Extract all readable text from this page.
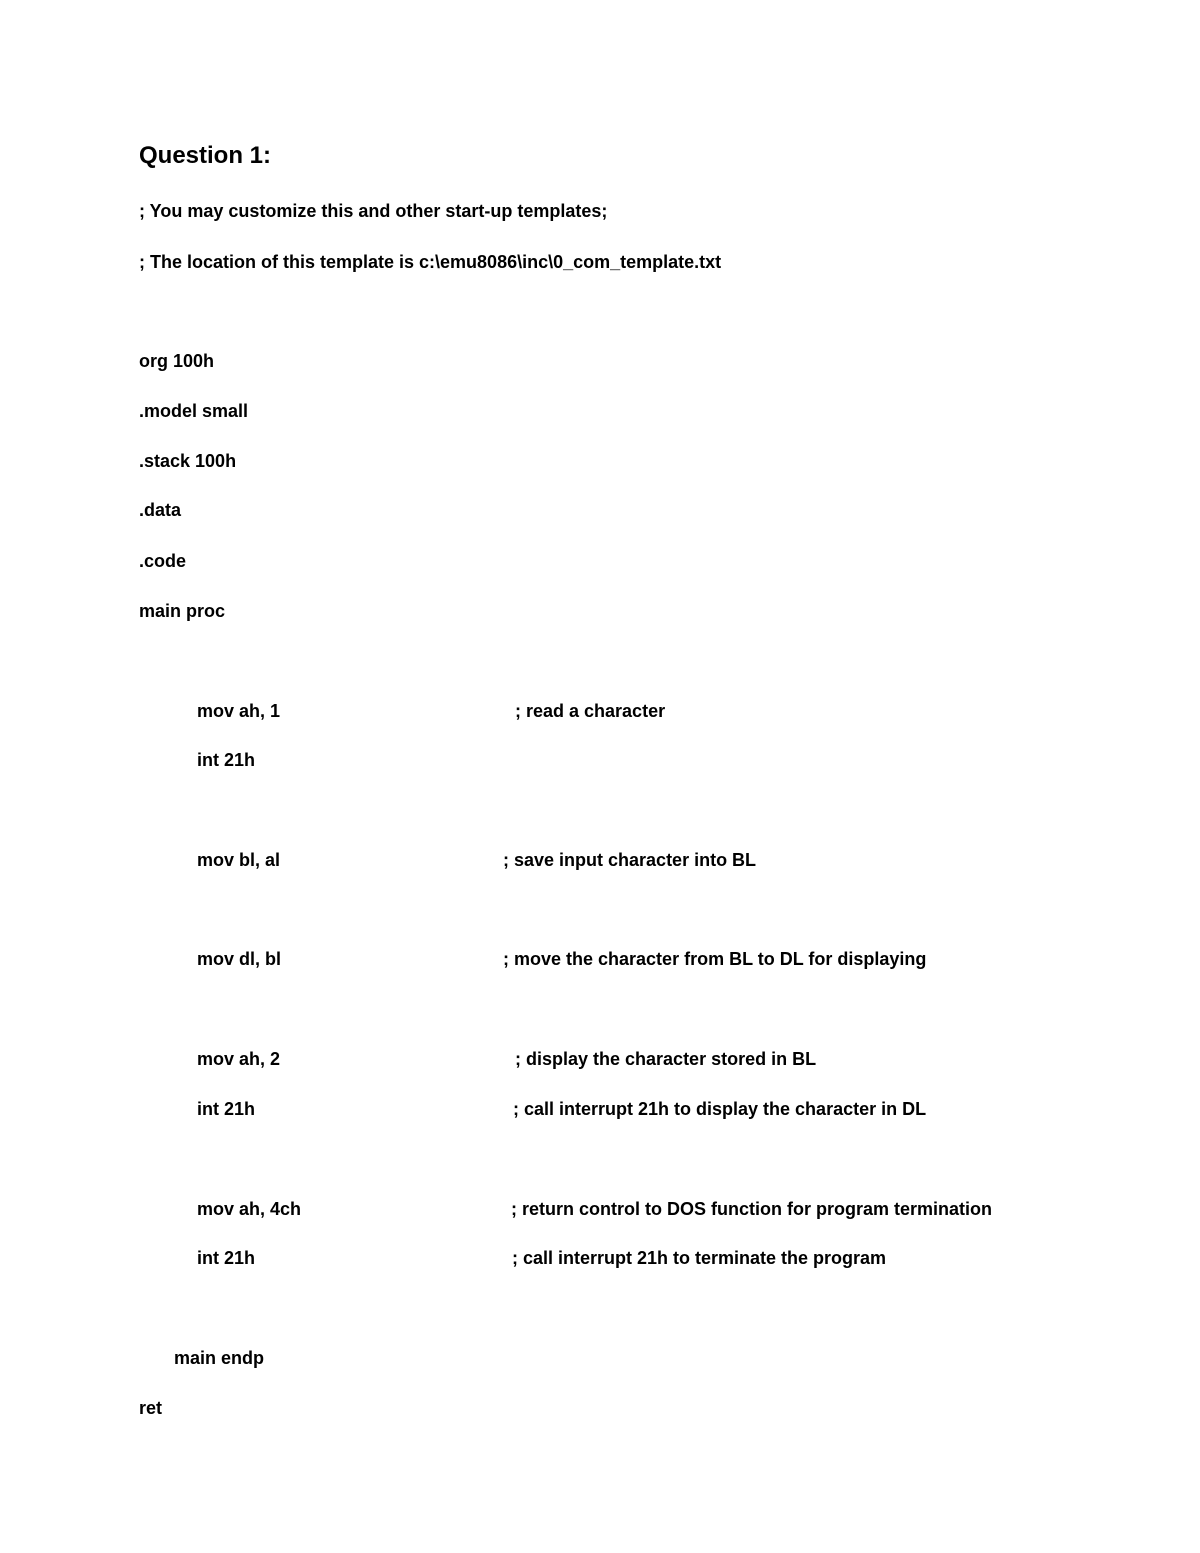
Question 1:
; You may customize this and other start-up templates;
; The location of this template is c:\emu8086\inc\0_com_template.txt
org 100h
.model small
.stack 100h
.data
.code
main proc
mov ah, 1	; read a character
int 21h
mov bl, al	; save input character into BL
mov dl, bl	; move the character from BL to DL for displaying
mov ah, 2	; display the character stored in BL
int 21h	; call interrupt 21h to display the character in DL
mov ah, 4ch	; return control to DOS function for program termination
int 21h	; call interrupt 21h to terminate the program
main endp
ret
